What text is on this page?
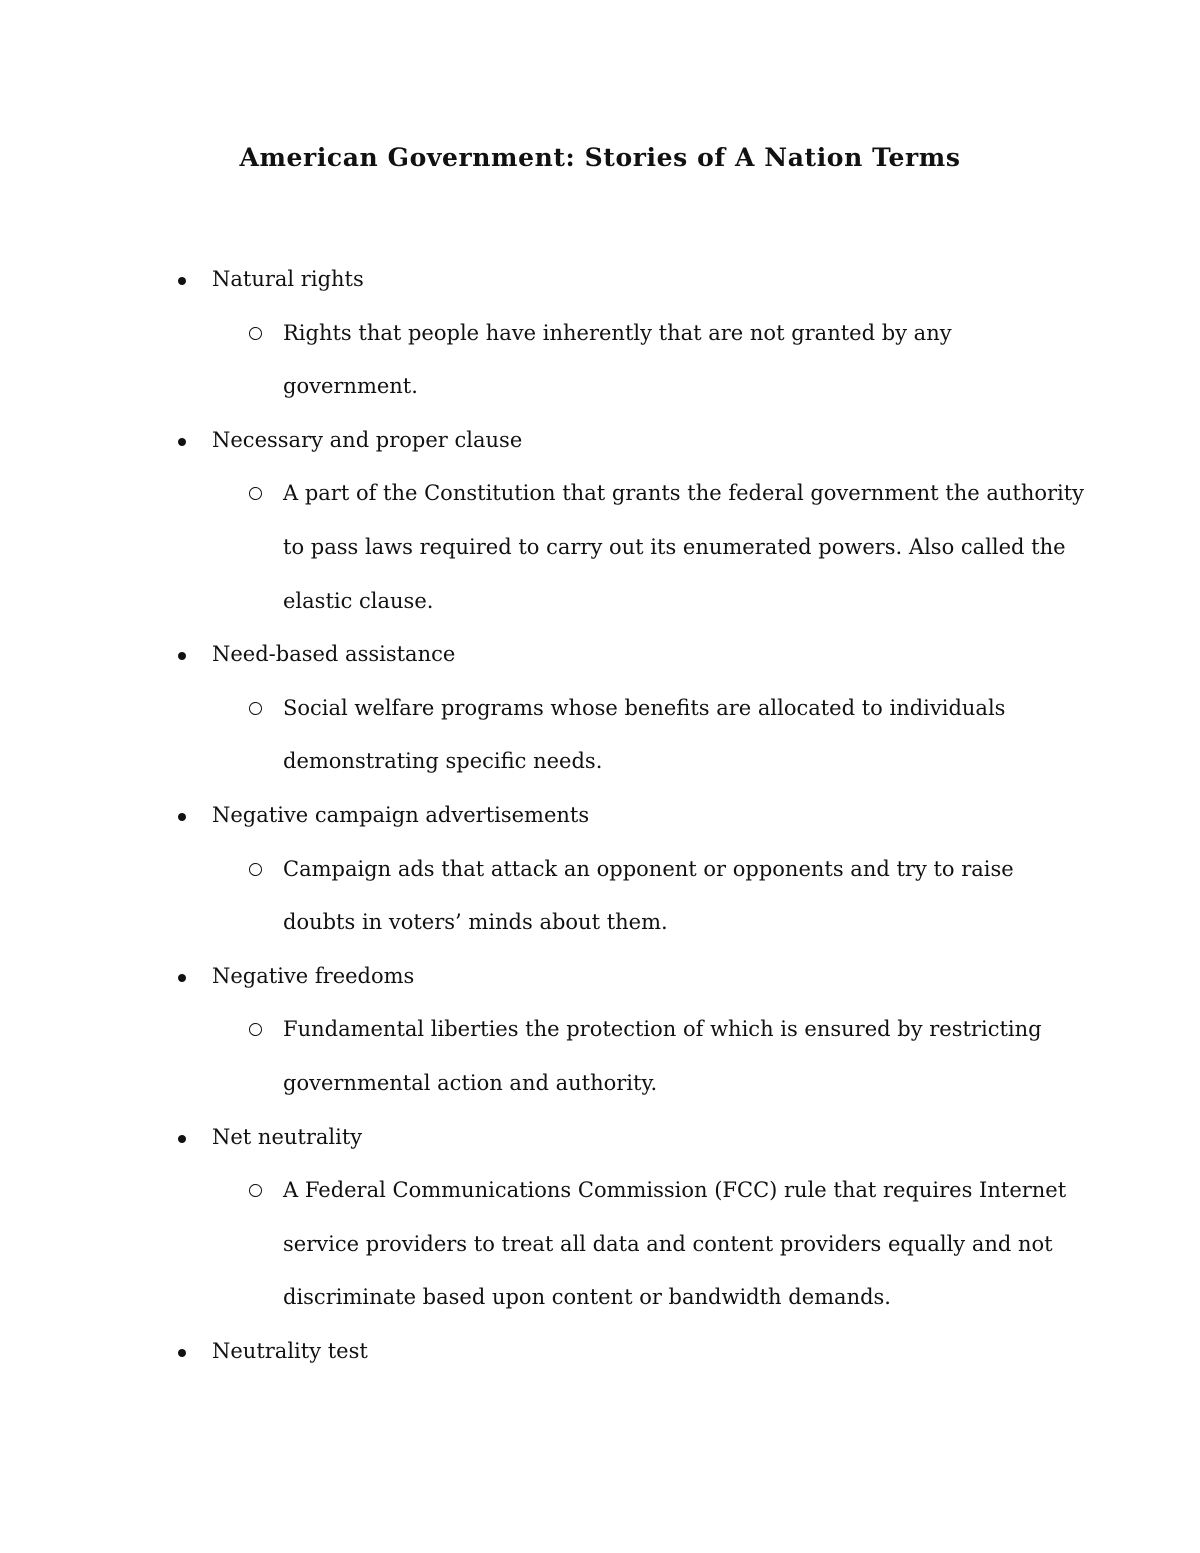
American Government: Stories of A Nation Terms
Natural rights
Rights that people have inherently that are not granted by any
government.
Necessary and proper clause
A part of the Constitution that grants the federal government the authority
to pass laws required to carry out its enumerated powers. Also called the
elastic clause.
Need-based assistance
Social welfare programs whose benefits are allocated to individuals
demonstrating specific needs.
Negative campaign advertisements
Campaign ads that attack an opponent or opponents and try to raise
doubts in voters’ minds about them.
Negative freedoms
Fundamental liberties the protection of which is ensured by restricting
governmental action and authority.
Net neutrality
A Federal Communications Commission (FCC) rule that requires Internet
service providers to treat all data and content providers equally and not
discriminate based upon content or bandwidth demands.
Neutrality test
